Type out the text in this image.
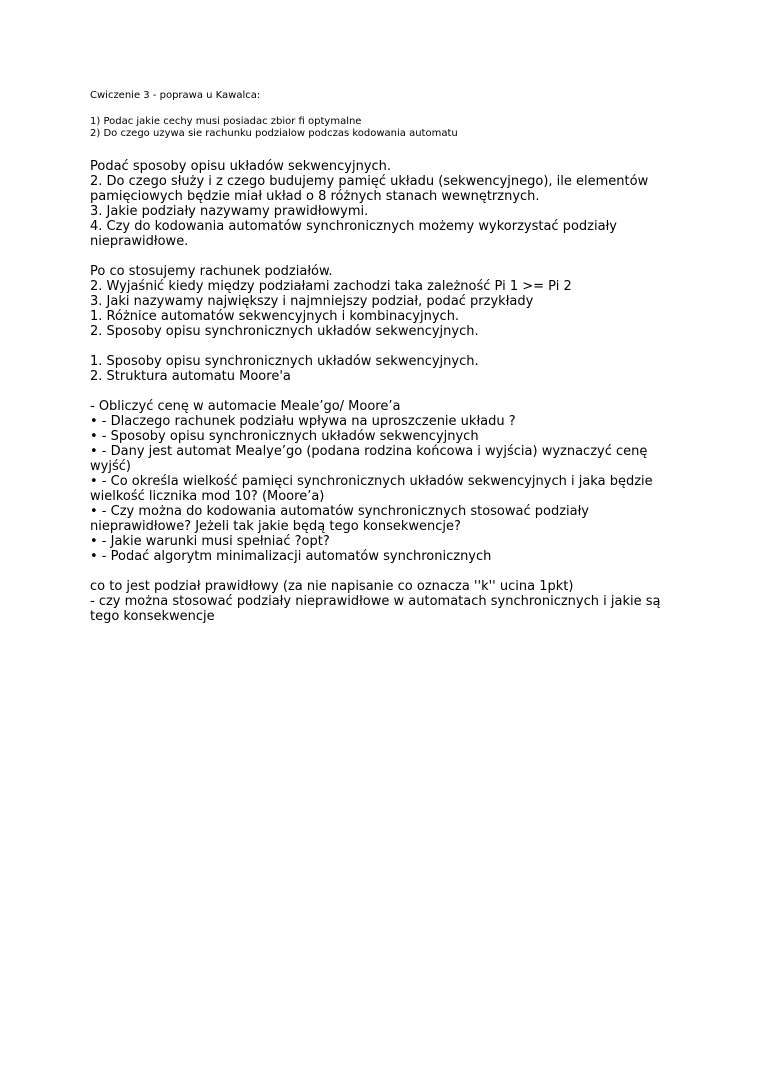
Cwiczenie 3 - poprawa u Kawalca:

1) Podac jakie cechy musi posiadac zbior fi optymalne

2) Do czego uzywa sie rachunku podzialow podczas kodowania automatu

Podać sposoby opisu układów sekwencyjnych.

2. Do czego służy i z czego budujemy pamięć układu (sekwencyjnego), ile elementów

pamięciowych będzie miał układ o 8 różnych stanach wewnętrznych.

3. Jakie podziały nazywamy prawidłowymi.

4. Czy do kodowania automatów synchronicznych możemy wykorzystać podziały

nieprawidłowe.

Po co stosujemy rachunek podziałów.

2. Wyjaśnić kiedy między podziałami zachodzi taka zależność Pi 1 >= Pi 2

3. Jaki nazywamy największy i najmniejszy podział, podać przykłady

1. Różnice automatów sekwencyjnych i kombinacyjnych.

2. Sposoby opisu synchronicznych układów sekwencyjnych.

1. Sposoby opisu synchronicznych układów sekwencyjnych.

2. Struktura automatu Moore'a

- Obliczyć cenę w automacie Meale’go/ Moore’a

• - Dlaczego rachunek podziału wpływa na uproszczenie układu ?

• - Sposoby opisu synchronicznych układów sekwencyjnych

• - Dany jest automat Mealye’go (podana rodzina końcowa i wyjścia) wyznaczyć cenę

wyjść)

• - Co określa wielkość pamięci synchronicznych układów sekwencyjnych i jaka będzie

wielkość licznika mod 10? (Moore’a)

• - Czy można do kodowania automatów synchronicznych stosować podziały

nieprawidłowe? Jeżeli tak jakie będą tego konsekwencje?

• - Jakie warunki musi spełniać ?opt?

• - Podać algorytm minimalizacji automatów synchronicznych

co to jest podział prawidłowy (za nie napisanie co oznacza ''k'' ucina 1pkt)

- czy można stosować podziały nieprawidłowe w automatach synchronicznych i jakie są

tego konsekwencje
